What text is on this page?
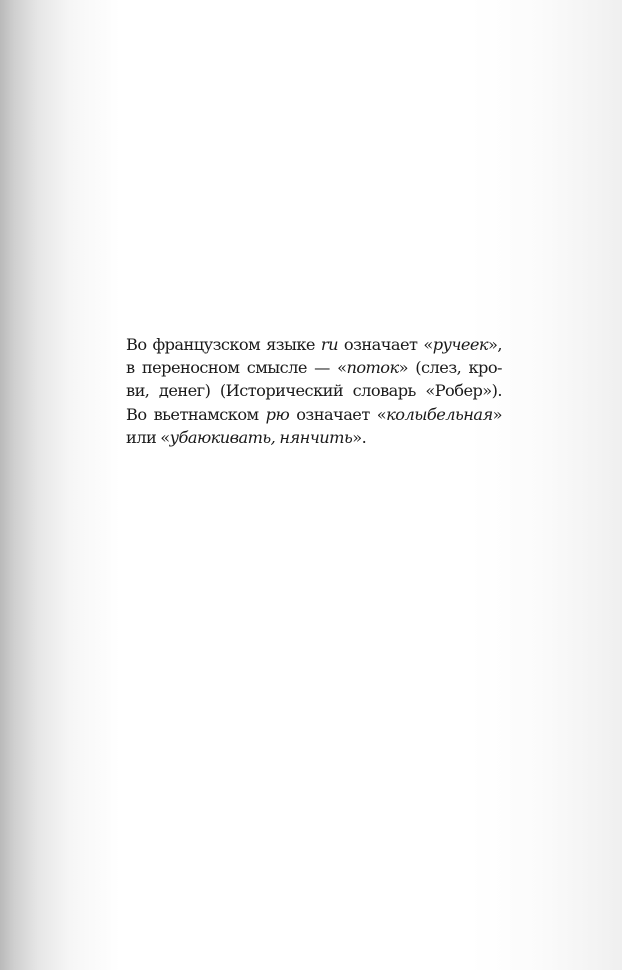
Во французском языке ru означает «ручеек»,
в переносном смысле — «поток» (слез, кро-
ви, денег) (Исторический словарь «Робер»).
Во вьетнамском рю означает «колыбельная»
или «убаюкивать, нянчить».
